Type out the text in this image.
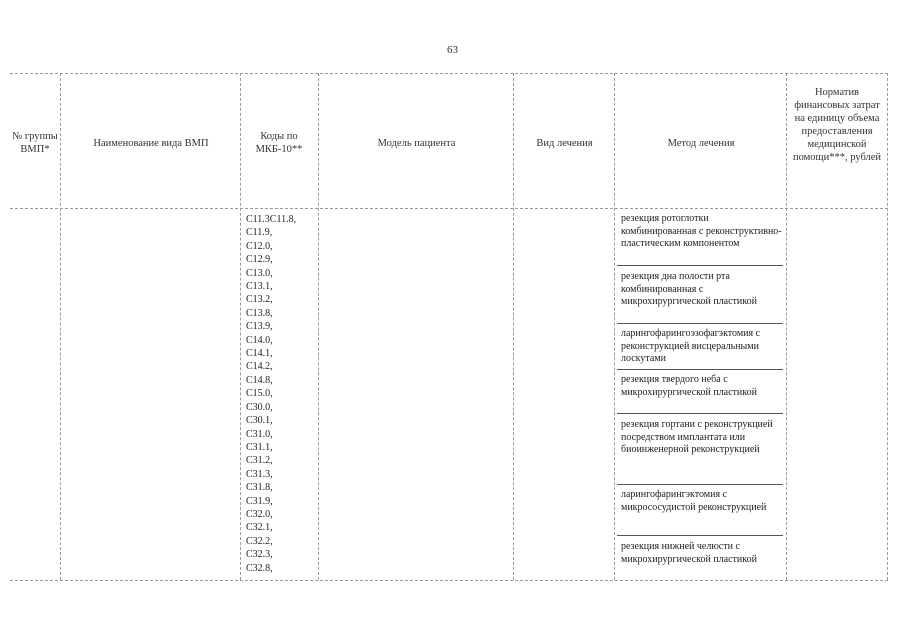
63
№ группы ВМП*
Наименование вида ВМП
Коды по МКБ-10**
Модель пациента	Вид лечения	Метод лечения
Норматив финансовых затрат на единицу объема предоставления медицинской помощи***, рублей
C11.3C11.8,
C11.9,
C12.0,
C12.9,
C13.0,
C13.1,
C13.2,
C13.8,
C13.9,
C14.0,
C14.1,
C14.2,
C14.8,
C15.0,
C30.0,
C30.1,
C31.0,
C31.1,
C31.2,
C31.3,
C31.8,
C31.9,
C32.0,
C32.1,
C32.2,
C32.3,
C32.8,
резекция ротоглотки комбинированная с реконструктивно-пластическим компонентом
резекция дна полости рта комбинированная с микрохирургической пластикой
ларингофарингоэзофагэктомия с реконструкцией висцеральными лоскутами
резекция твердого неба с микрохирургической пластикой
резекция гортани с реконструкцией посредством имплантата или биоинженерной реконструкцией
ларингофарингэктомия с микрососудистой реконструкцией
резекция нижней челюсти с микрохирургической пластикой
